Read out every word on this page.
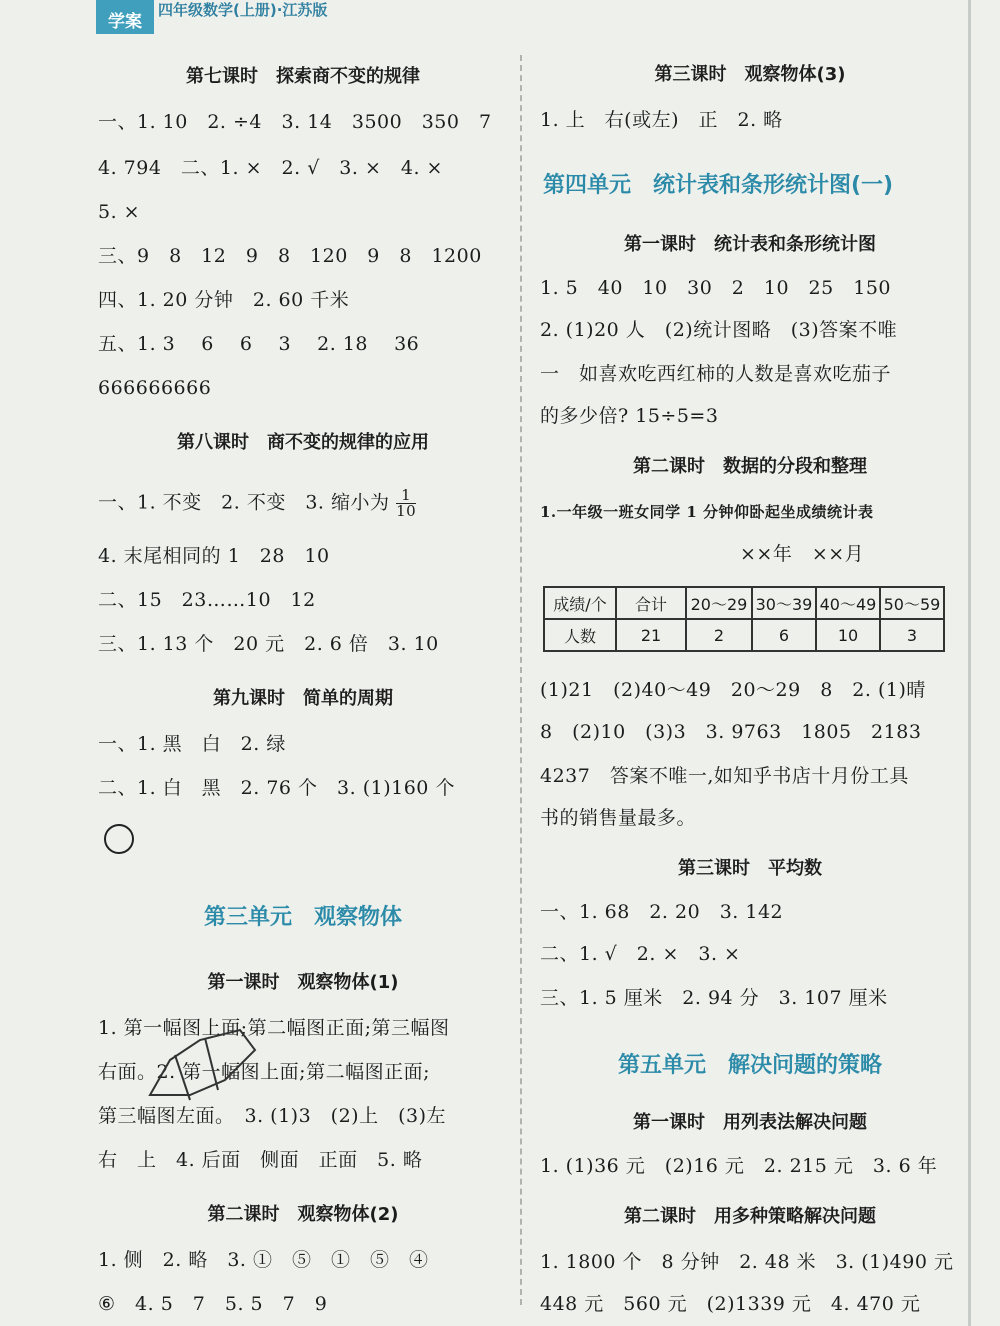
学案
四年级数学(上册)·江苏版
第七课时　探索商不变的规律
一、1. 10　2. ÷4　3. 14　3500　350　7
4. 794　二、1. ×　2. √　3. ×　4. ×
5. ×
三、9　8　12　9　8　120　9　8　1200
四、1. 20 分钟　2. 60 千米
五、1. 3　 6　 6　 3　 2. 18　 36
666666666
第八课时　商不变的规律的应用
一、1. 不变　2. 不变　3. 缩小为 $\frac{1}{10}$
4. 末尾相同的 1　28　10
二、15　23……10　12
三、1. 13 个　20 元　2. 6 倍　3. 10
第九课时　简单的周期
一、1. 黑　白　2. 绿
二、1. 白　黑　2. 76 个　3. (1)160 个
第三单元　观察物体
第一课时　观察物体(1)
1. 第一幅图上面;第二幅图正面;第三幅图
右面。2. 第一幅图上面;第二幅图正面;
第三幅图左面。　3. (1)3　(2)上　(3)左
右　上　4. 后面　侧面　正面　5. 略
第二课时　观察物体(2)
1. 侧　2. 略　3. ①　⑤　①　⑤　④
⑥　4. 5　7　5. 5　7　9
第三课时　观察物体(3)
1. 上　右(或左)　正　2. 略
第四单元　统计表和条形统计图(一)
第一课时　统计表和条形统计图
1. 5　40　10　30　2　10　25　150
2. (1)20 人　(2)统计图略　(3)答案不唯
一　如喜欢吃西红柿的人数是喜欢吃茄子
的多少倍? 15÷5=3
第二课时　数据的分段和整理
1.一年级一班女同学 1 分钟仰卧起坐成绩统计表
××年　××月
成绩/个	合计	20～29	30～39	40～49	50～59
人数	21	2	6	10	3
(1)21　(2)40～49　20～29　8　2. (1)晴
8　(2)10　(3)3　3. 9763　1805　2183
4237　答案不唯一,如知乎书店十月份工具
书的销售量最多。
第三课时　平均数
一、1. 68　2. 20　3. 142
二、1. √　2. ×　3. ×
三、1. 5 厘米　2. 94 分　3. 107 厘米
第五单元　解决问题的策略
第一课时　用列表法解决问题
1. (1)36 元　(2)16 元　2. 215 元　3. 6 年
第二课时　用多种策略解决问题
1. 1800 个　8 分钟　2. 48 米　3. (1)490 元
448 元　560 元　(2)1339 元　4. 470 元
